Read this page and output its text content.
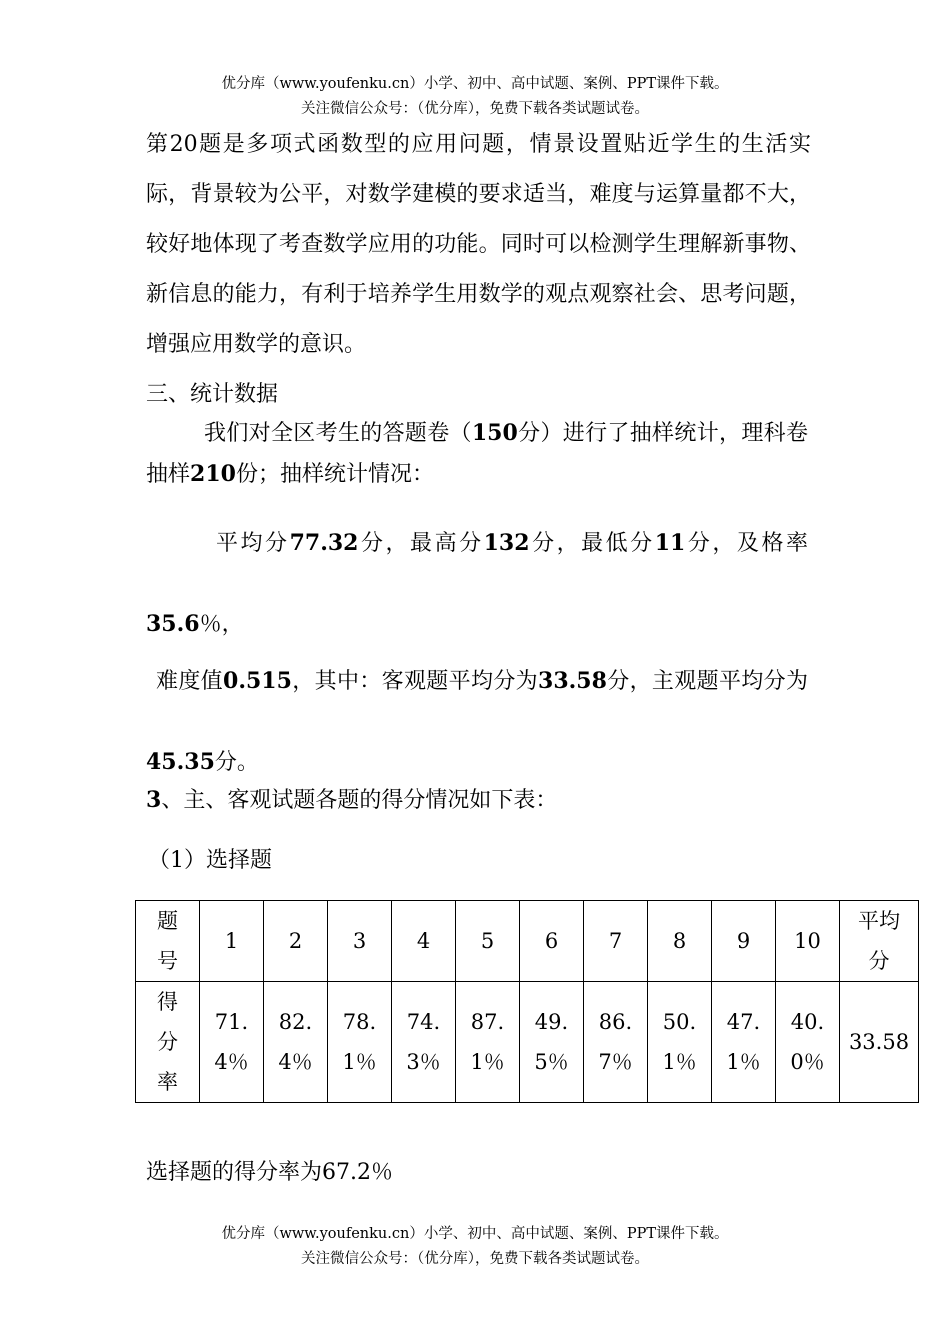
优分库（www.youfenku.cn）小学、初中、高中试题、案例、PPT课件下载。
关注微信公众号：（优分库），免费下载各类试题试卷。
第20题是多项式函数型的应用问题，情景设置贴近学生的生活实际，背景较为公平，对数学建模的要求适当，难度与运算量都不大，较好地体现了考查数学应用的功能。同时可以检测学生理解新事物、新信息的能力，有利于培养学生用数学的观点观察社会、思考问题，增强应用数学的意识。
三、统计数据
我们对全区考生的答题卷（150分）进行了抽样统计，理科卷抽样210份；抽样统计情况：
平均分77.32分，最高分132分，最低分11分，及格率35.6％，
难度值0.515，其中：客观题平均分为33.58分，主观题平均分为45.35分。
3、主、客观试题各题的得分情况如下表：
（1）选择题
题号	1	2	3	4	5	6	7	8	9	10	平均分

得分率	71.4％	82.4％	78.1％	74.3％	87.1％	49.5％	86.7％	50.1％	47.1％	40.0％	33.58
选择题的得分率为67.2％
优分库（www.youfenku.cn）小学、初中、高中试题、案例、PPT课件下载。
关注微信公众号：（优分库），免费下载各类试题试卷。
